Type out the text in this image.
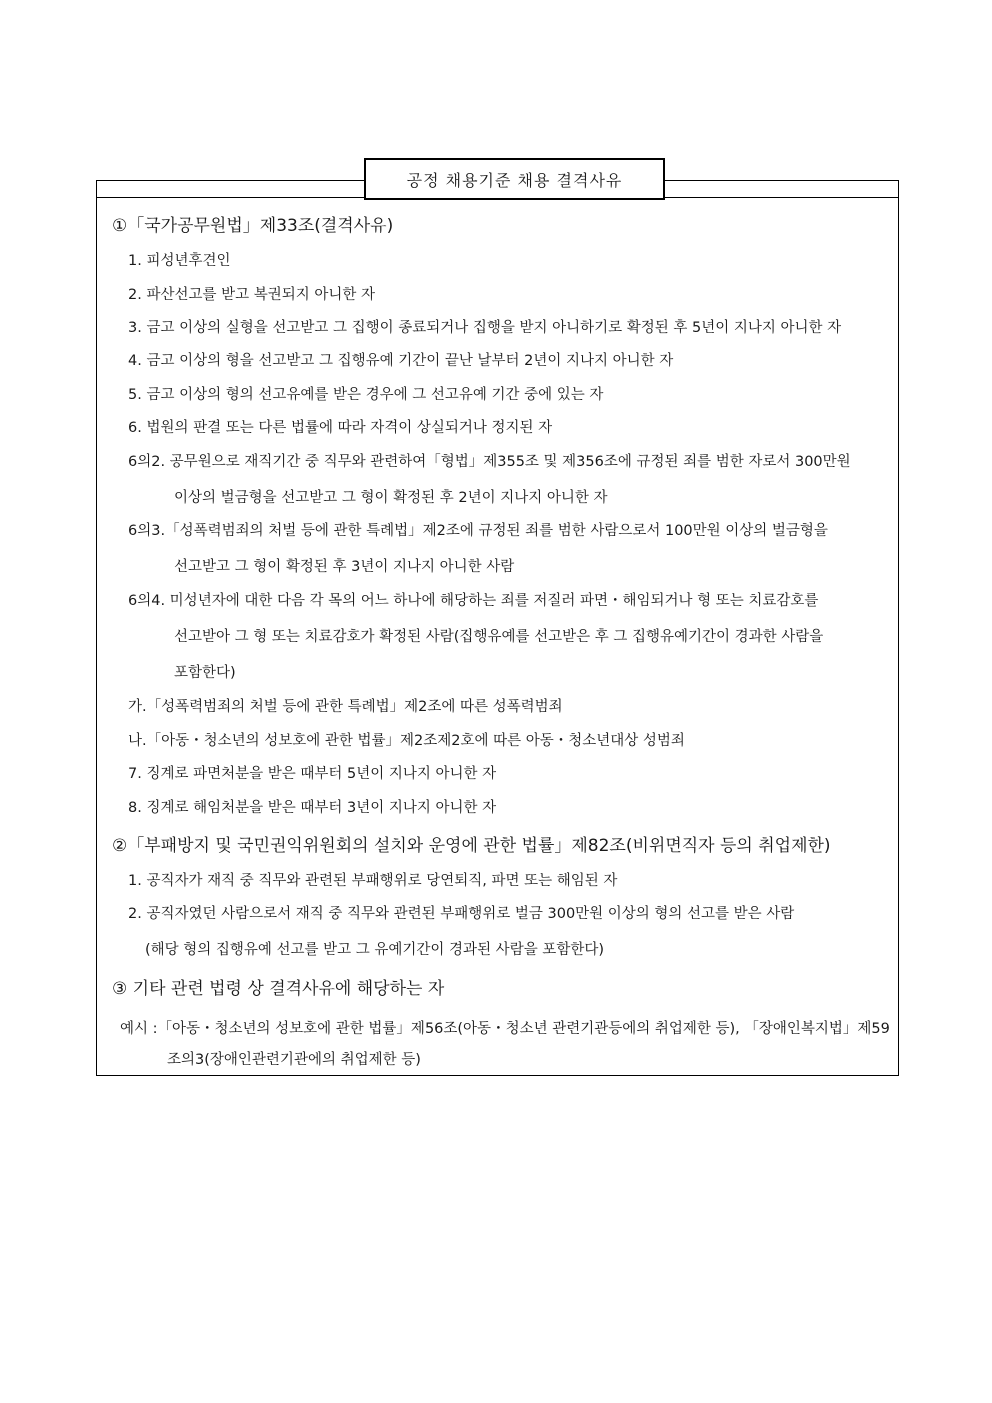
공정 채용기준 채용 결격사유
①「국가공무원법」제33조(결격사유)
1. 피성년후견인
2. 파산선고를 받고 복권되지 아니한 자
3. 금고 이상의 실형을 선고받고 그 집행이 종료되거나 집행을 받지 아니하기로 확정된 후 5년이 지나지 아니한 자
4. 금고 이상의 형을 선고받고 그 집행유예 기간이 끝난 날부터 2년이 지나지 아니한 자
5. 금고 이상의 형의 선고유예를 받은 경우에 그 선고유예 기간 중에 있는 자
6. 법원의 판결 또는 다른 법률에 따라 자격이 상실되거나 정지된 자
6의2. 공무원으로 재직기간 중 직무와 관련하여「형법」제355조 및 제356조에 규정된 죄를 범한 자로서 300만원
이상의 벌금형을 선고받고 그 형이 확정된 후 2년이 지나지 아니한 자
6의3.「성폭력범죄의 처벌 등에 관한 특례법」제2조에 규정된 죄를 범한 사람으로서 100만원 이상의 벌금형을
선고받고 그 형이 확정된 후 3년이 지나지 아니한 사람
6의4. 미성년자에 대한 다음 각 목의 어느 하나에 해당하는 죄를 저질러 파면・해임되거나 형 또는 치료감호를
선고받아 그 형 또는 치료감호가 확정된 사람(집행유예를 선고받은 후 그 집행유예기간이 경과한 사람을
포함한다)
가.「성폭력범죄의 처벌 등에 관한 특례법」제2조에 따른 성폭력범죄
나.「아동・청소년의 성보호에 관한 법률」제2조제2호에 따른 아동・청소년대상 성범죄
7. 징계로 파면처분을 받은 때부터 5년이 지나지 아니한 자
8. 징계로 해임처분을 받은 때부터 3년이 지나지 아니한 자
②「부패방지 및 국민권익위원회의 설치와 운영에 관한 법률」제82조(비위면직자 등의 취업제한)
1. 공직자가 재직 중 직무와 관련된 부패행위로 당연퇴직, 파면 또는 해임된 자
2. 공직자였던 사람으로서 재직 중 직무와 관련된 부패행위로 벌금 300만원 이상의 형의 선고를 받은 사람
(해당 형의 집행유예 선고를 받고 그 유예기간이 경과된 사람을 포함한다)
③ 기타 관련 법령 상 결격사유에 해당하는 자
예시 :「아동・청소년의 성보호에 관한 법률」제56조(아동・청소년 관련기관등에의 취업제한 등), 「장애인복지법」제59
조의3(장애인관련기관에의 취업제한 등)
